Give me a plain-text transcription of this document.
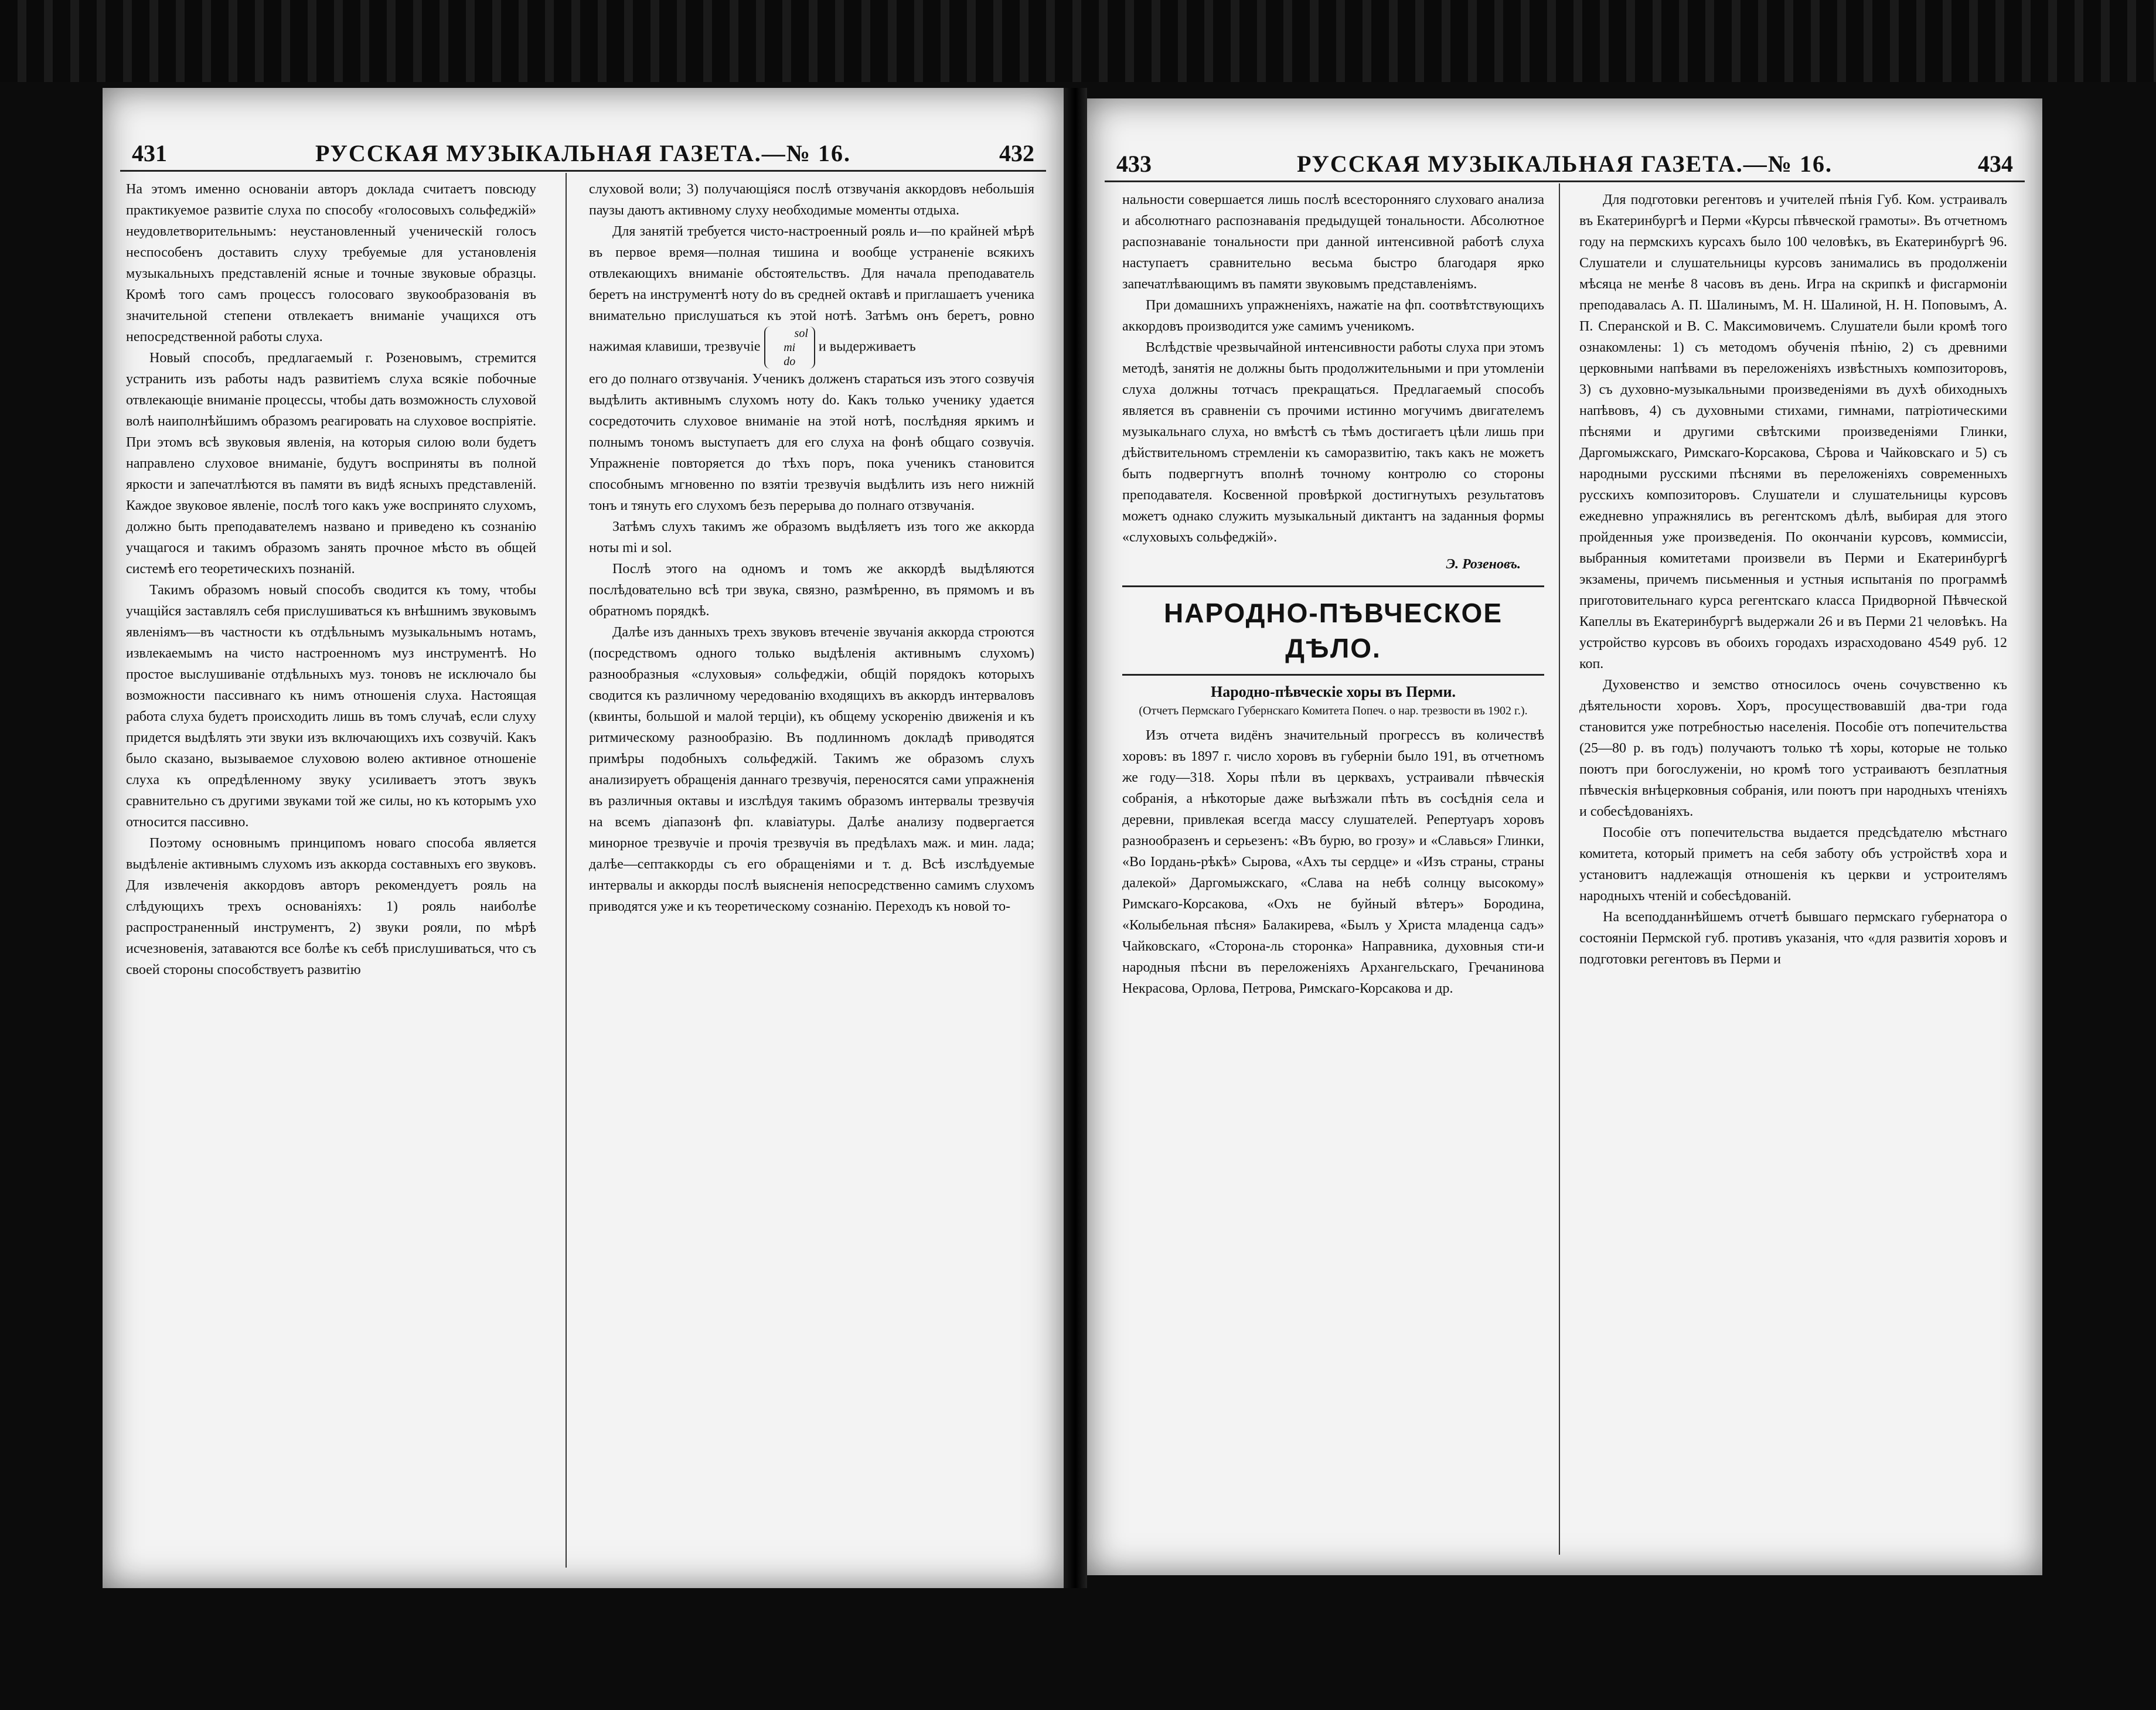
431	РУССКАЯ МУЗЫКАЛЬНАЯ ГАЗЕТА.—№ 16.	432

На этомъ именно основаніи авторъ доклада считаетъ повсюду практикуемое развитіе слуха по способу «голосовыхъ сольфеджій» неудовлетворительнымъ: неустановленный ученическій голосъ неспособенъ доставить слуху требуемые для установленія музыкальныхъ представленій ясные и точные звуковые образцы. Кромѣ того самъ процессъ голосоваго звукообразованія въ значительной степени отвлекаетъ вниманіе учащихся отъ непосредственной работы слуха.

Новый способъ, предлагаемый г. Розеновымъ, стремится устранить изъ работы надъ развитіемъ слуха всякіе побочные отвлекающіе вниманіе процессы, чтобы дать возможность слуховой волѣ наиполнѣйшимъ образомъ реагировать на слуховое воспріятіе. При этомъ всѣ звуковыя явленія, на которыя силою воли будетъ направлено слуховое вниманіе, будутъ восприняты въ полной яркости и запечатлѣются въ памяти въ видѣ ясныхъ представленій. Каждое звуковое явленіе, послѣ того какъ уже воспринято слухомъ, должно быть преподавателемъ названо и приведено къ сознанію учащагося и такимъ образомъ занять прочное мѣсто въ общей системѣ его теоретическихъ познаній.

Такимъ образомъ новый способъ сводится къ тому, чтобы учащійся заставлялъ себя прислушиваться къ внѣшнимъ звуковымъ явленіямъ—въ частности къ отдѣльнымъ музыкальнымъ нотамъ, извлекаемымъ на чисто настроенномъ муз инструментѣ. Но простое выслушиваніе отдѣльныхъ муз. тоновъ не исключало бы возможности пассивнаго къ нимъ отношенія слуха. Настоящая работа слуха будетъ происходить лишь въ томъ случаѣ, если слуху придется выдѣлять эти звуки изъ включающихъ ихъ созвучій. Какъ было сказано, вызываемое слуховою волею активное отношеніе слуха къ опредѣленному звуку усиливаетъ этотъ звукъ сравнительно съ другими звуками той же силы, но къ которымъ ухо относится пассивно.

Поэтому основнымъ принципомъ новаго способа является выдѣленіе активнымъ слухомъ изъ аккорда составныхъ его звуковъ. Для извлеченія аккордовъ авторъ рекомендуетъ рояль на слѣдующихъ трехъ основаніяхъ: 1) рояль наиболѣе распространенный инструментъ, 2) звуки рояли, по мѣрѣ исчезновенія, затаваются все болѣе къ себѣ прислушиваться, что съ своей стороны способствуетъ развитію

слуховой воли; 3) получающіяся послѣ отзвучанія аккордовъ небольшія паузы даютъ активному слуху необходимые моменты отдыха.

Для занятій требуется чисто-настроенный рояль и—по крайней мѣрѣ въ первое время—полная тишина и вообще устраненіе всякихъ отвлекающихъ вниманіе обстоятельствъ. Для начала преподаватель беретъ на инструментѣ ноту do въ средней октавѣ и приглашаетъ ученика внимательно прислушаться къ этой нотѣ. Затѣмъ онъ беретъ, ровно нажимая клавиши, трезвучіе sol
mi
do и выдерживаетъ

его до полнаго отзвучанія. Ученикъ долженъ стараться изъ этого созвучія выдѣлить активнымъ слухомъ ноту do. Какъ только ученику удается сосредоточить слуховое вниманіе на этой нотѣ, послѣдняя яркимъ и полнымъ тономъ выступаетъ для его слуха на фонѣ общаго созвучія. Упражненіе повторяется до тѣхъ поръ, пока ученикъ становится способнымъ мгновенно по взятіи трезвучія выдѣлить изъ него нижній тонъ и тянуть его слухомъ безъ перерыва до полнаго отзвучанія.

Затѣмъ слухъ такимъ же образомъ выдѣляетъ изъ того же аккорда ноты mi и sol.

Послѣ этого на одномъ и томъ же аккордѣ выдѣляются послѣдовательно всѣ три звука, связно, размѣренно, въ прямомъ и въ обратномъ порядкѣ.

Далѣе изъ данныхъ трехъ звуковъ втеченіе звучанія аккорда строются (посредствомъ одного только выдѣленія активнымъ слухомъ) разнообразныя «слуховыя» сольфеджіи, общій порядокъ которыхъ сводится къ различному чередованію входящихъ въ аккордъ интерваловъ (квинты, большой и малой терціи), къ общему ускоренію движенія и къ ритмическому разнообразію. Въ подлинномъ докладѣ приводятся примѣры подобныхъ сольфеджій. Такимъ же образомъ слухъ анализируетъ обращенія даннаго трезвучія, переносятся сами упражненія въ различныя октавы и изслѣдуя такимъ образомъ интервалы трезвучія на всемъ діапазонѣ фп. клавіатуры. Далѣе анализу подвергается минорное трезвучіе и прочія трезвучія въ предѣлахъ маж. и мин. лада; далѣе—септаккорды съ его обращеніями и т. д. Всѣ изслѣдуемые интервалы и аккорды послѣ выясненія непосредственно самимъ слухомъ приводятся уже и къ теоретическому сознанію. Переходъ къ новой то-

433	РУССКАЯ МУЗЫКАЛЬНАЯ ГАЗЕТА.—№ 16.	434

нальности совершается лишь послѣ всесторонняго слуховаго анализа и абсолютнаго распознаванія предыдущей тональности. Абсолютное распознаваніе тональности при данной интенсивной работѣ слуха наступаетъ сравнительно весьма быстро благодаря ярко запечатлѣвающимъ въ памяти звуковымъ представленіямъ.

При домашнихъ упражненіяхъ, нажатіе на фп. соотвѣтствующихъ аккордовъ производится уже самимъ ученикомъ.

Вслѣдствіе чрезвычайной интенсивности работы слуха при этомъ методѣ, занятія не должны быть продолжительными и при утомленіи слуха должны тотчасъ прекращаться. Предлагаемый способъ является въ сравненіи съ прочими истинно могучимъ двигателемъ музыкальнаго слуха, но вмѣстѣ съ тѣмъ достигаетъ цѣли лишь при дѣйствительномъ стремленіи къ саморазвитію, такъ какъ не можетъ быть подвергнутъ вполнѣ точному контролю со стороны преподавателя. Косвенной провѣркой достигнутыхъ результатовъ можетъ однако служить музыкальный диктантъ на заданныя формы «слуховыхъ сольфеджій».

Э. Розеновъ.

НАРОДНО-ПѢВЧЕСКОЕ ДѢЛО.

Народно-пѣвческіе хоры въ Перми.

(Отчетъ Пермскаго Губернскаго Комитета Попеч. о нар. трезвости въ 1902 г.).

Изъ отчета видёнъ значительный прогрессъ въ количествѣ хоровъ: въ 1897 г. число хоровъ въ губерніи было 191, въ отчетномъ же году—318. Хоры пѣли въ церквахъ, устраивали пѣвческія собранія, а нѣкоторые даже выѣзжали пѣть въ сосѣднія села и деревни, привлекая всегда массу слушателей. Репертуаръ хоровъ разнообразенъ и серьезенъ: «Въ бурю, во грозу» и «Славься» Глинки, «Во Іордань-рѣкѣ» Сырова, «Ахъ ты сердце» и «Изъ страны, страны далекой» Даргомыжскаго, «Слава на небѣ солнцу высокому» Римскаго-Корсакова, «Охъ не буйный вѣтеръ» Бородина, «Колыбельная пѣсня» Балакирева, «Былъ у Христа младенца садъ» Чайковскаго, «Сторона-ль сторонка» Направника, духовныя сти-и народныя пѣсни въ переложеніяхъ Архангельскаго, Гречанинова Некрасова, Орлова, Петрова, Римскаго-Корсакова и др.

Для подготовки регентовъ и учителей пѣнія Губ. Ком. устраивалъ въ Екатеринбургѣ и Перми «Курсы пѣвческой грамоты». Въ отчетномъ году на пермскихъ курсахъ было 100 человѣкъ, въ Екатеринбургѣ 96. Слушатели и слушательницы курсовъ занимались въ продолженіи мѣсяца не менѣе 8 часовъ въ день. Игра на скрипкѣ и фисгармоніи преподавалась А. П. Шалинымъ, М. Н. Шалиной, Н. Н. Поповымъ, А. П. Сперанской и В. С. Максимовичемъ. Слушатели были кромѣ того ознакомлены: 1) съ методомъ обученія пѣнію, 2) съ древними церковными напѣвами въ переложеніяхъ извѣстныхъ композиторовъ, 3) съ духовно-музыкальными произведеніями въ духѣ обиходныхъ напѣвовъ, 4) съ духовными стихами, гимнами, патріотическими пѣснями и другими свѣтскими произведеніями Глинки, Даргомыжскаго, Римскаго-Корсакова, Сѣрова и Чайковскаго и 5) съ народными русскими пѣснями въ переложеніяхъ современныхъ русскихъ композиторовъ. Слушатели и слушательницы курсовъ ежедневно упражнялись въ регентскомъ дѣлѣ, выбирая для этого пройденныя уже произведенія. По окончаніи курсовъ, коммиссіи, выбранныя комитетами произвели въ Перми и Екатеринбургѣ экзамены, причемъ письменныя и устныя испытанія по программѣ приготовительнаго курса регентскаго класса Придворной Пѣвческой Капеллы въ Екатеринбургѣ выдержали 26 и въ Перми 21 человѣкъ. На устройство курсовъ въ обоихъ городахъ израсходовано 4549 руб. 12 коп.

Духовенство и земство относилось очень сочувственно къ дѣятельности хоровъ. Хоръ, просуществовавшій два-три года становится уже потребностью населенія. Пособіе отъ попечительства (25—80 р. въ годъ) получаютъ только тѣ хоры, которые не только поютъ при богослуженіи, но кромѣ того устраиваютъ безплатныя пѣвческія внѣцерковныя собранія, или поютъ при народныхъ чтеніяхъ и собесѣдованіяхъ.

Пособіе отъ попечительства выдается предсѣдателю мѣстнаго комитета, который приметъ на себя заботу объ устройствѣ хора и установитъ надлежащія отношенія къ церкви и устроителямъ народныхъ чтеній и собесѣдованій.

На всеподданнѣйшемъ отчетѣ бывшаго пермскаго губернатора о состояніи Пермской губ. противъ указанія, что «для развитія хоровъ и подготовки регентовъ въ Перми и
